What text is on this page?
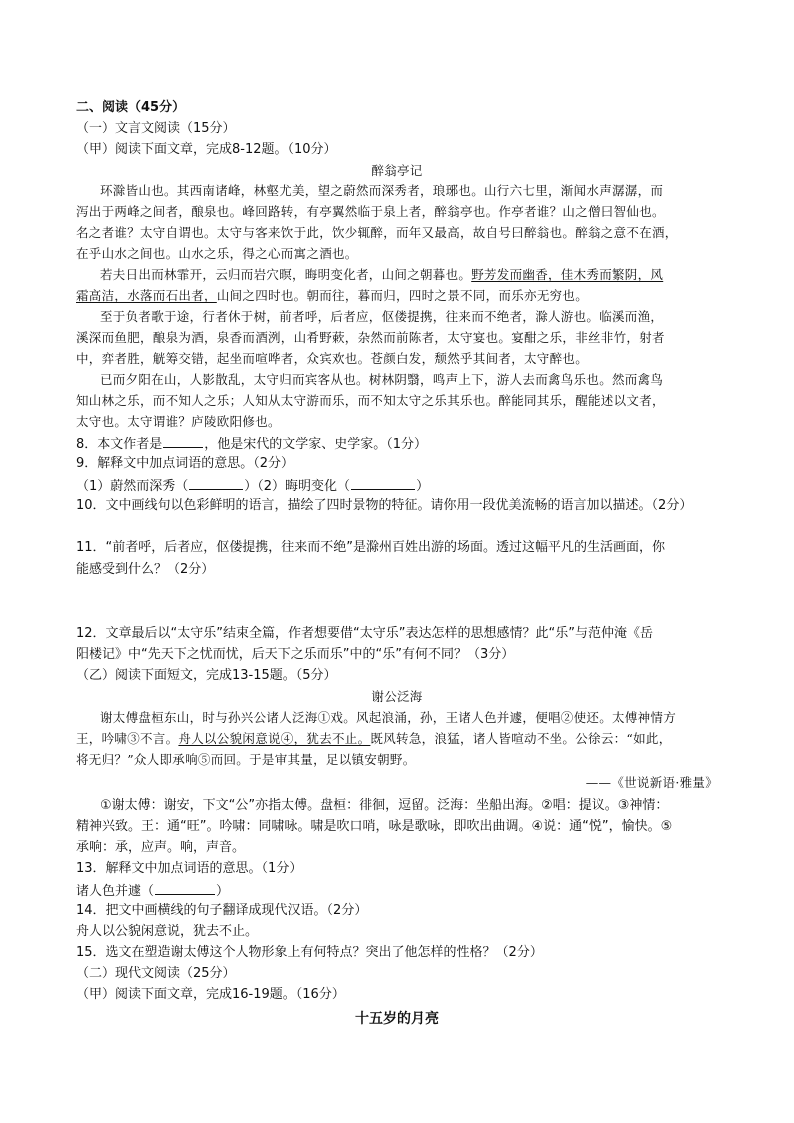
二、阅读（45分）
（一）文言文阅读（15分）
（甲）阅读下面文章，完成8-12题。（10分）
醉翁亭记
环滁皆山也。其西南诸峰，林壑尤美，望之蔚然而深秀者，琅琊也。山行六七里，渐闻水声潺潺，而
泻出于两峰之间者，酿泉也。峰回路转，有亭翼然临于泉上者，醉翁亭也。作亭者谁？山之僧曰智仙也。
名之者谁？太守自谓也。太守与客来饮于此，饮少辄醉，而年又最高，故自号曰醉翁也。醉翁之意不在酒，
在乎山水之间也。山水之乐，得之心而寓之酒也。
若夫日出而林霏开，云归而岩穴暝，晦明变化者，山间之朝暮也。野芳发而幽香，佳木秀而繁阴，风
霜高洁，水落而石出者，山间之四时也。朝而往，暮而归，四时之景不同，而乐亦无穷也。
至于负者歌于途，行者休于树，前者呼，后者应，伛偻提携，往来而不绝者，滁人游也。临溪而渔，
溪深而鱼肥，酿泉为酒，泉香而酒洌，山肴野蔌，杂然而前陈者，太守宴也。宴酣之乐，非丝非竹，射者
中，弈者胜，觥筹交错，起坐而喧哗者，众宾欢也。苍颜白发，颓然乎其间者，太守醉也。
已而夕阳在山，人影散乱，太守归而宾客从也。树林阴翳，鸣声上下，游人去而禽鸟乐也。然而禽鸟
知山林之乐，而不知人之乐；人知从太守游而乐，而不知太守之乐其乐也。醉能同其乐，醒能述以文者，
太守也。太守谓谁？庐陵欧阳修也。
8．本文作者是	，他是宋代的文学家、史学家。（1分）
9．解释文中加点词语的意思。（2分）
（1）蔚然而深秀（	）（2）晦明变化（	）
10．文中画线句以色彩鲜明的语言，描绘了四时景物的特征。请你用一段优美流畅的语言加以描述。（2分）
11．“前者呼，后者应，伛偻提携，往来而不绝”是滁州百姓出游的场面。透过这幅平凡的生活画面，你
能感受到什么？（2分）
12．文章最后以“太守乐”结束全篇，作者想要借“太守乐”表达怎样的思想感情？此“乐”与范仲淹《岳
阳楼记》中“先天下之忧而忧，后天下之乐而乐”中的“乐”有何不同？（3分）
（乙）阅读下面短文，完成13-15题。（5分）
谢公泛海
谢太傅盘桓东山，时与孙兴公诸人泛海①戏。风起浪涌，孙，王诸人色并遽，便唱②使还。太傅神情方
王，吟啸③不言。舟人以公貌闲意说④，犹去不止。既风转急，浪猛，诸人皆喧动不坐。公徐云：“如此，
将无归？”众人即承响⑤而回。于是审其量，足以镇安朝野。
——《世说新语·雅量》
①谢太傅：谢安，下文“公”亦指太傅。盘桓：徘徊，逗留。泛海：坐船出海。②唱：提议。③神情：
精神兴致。王：通“旺”。吟啸：同啸咏。啸是吹口哨，咏是歌咏，即吹出曲调。④说：通“悦”，愉快。⑤
承响：承，应声。响，声音。
13．解释文中加点词语的意思。（1分）
诸人色并遽（	）
14．把文中画横线的句子翻译成现代汉语。（2分）
舟人以公貌闲意说，犹去不止。
15．选文在塑造谢太傅这个人物形象上有何特点？突出了他怎样的性格？（2分）
（二）现代文阅读（25分）
（甲）阅读下面文章，完成16-19题。（16分）
十五岁的月亮
